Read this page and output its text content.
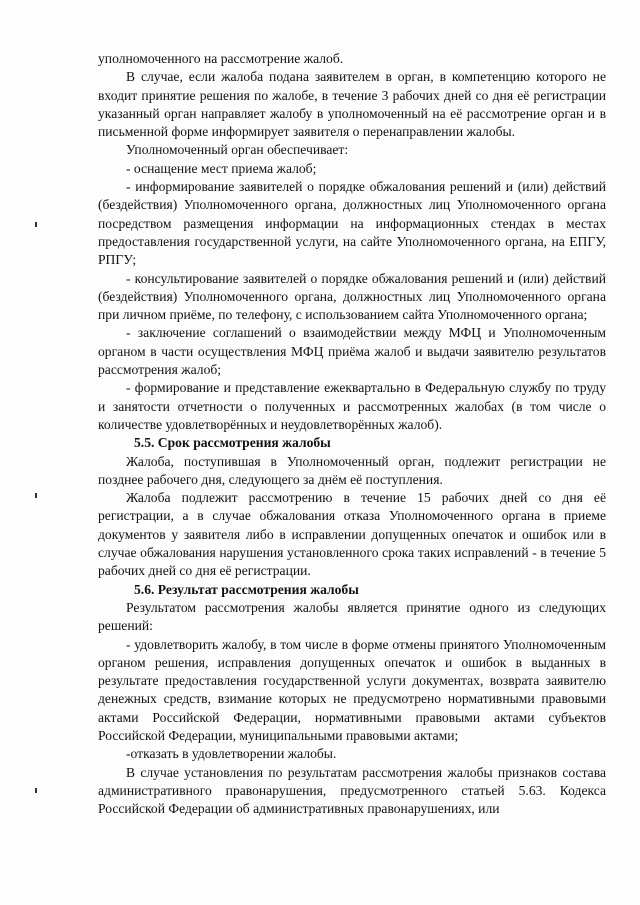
уполномоченного на рассмотрение жалоб.

В случае, если жалоба подана заявителем в орган, в компетенцию которого не входит принятие решения по жалобе, в течение 3 рабочих дней со дня её регистрации указанный орган направляет жалобу в уполномоченный на её рассмотрение орган и в письменной форме информирует заявителя о перенаправлении жалобы.

Уполномоченный орган обеспечивает:

- оснащение мест приема жалоб;

- информирование заявителей о порядке обжалования решений и (или) действий (бездействия) Уполномоченного органа, должностных лиц Уполномоченного органа посредством размещения информации на информационных стендах в местах предоставления государственной услуги, на сайте Уполномоченного органа, на ЕПГУ, РПГУ;

- консультирование заявителей о порядке обжалования решений и (или) действий (бездействия) Уполномоченного органа, должностных лиц Уполномоченного органа при личном приёме, по телефону, с использованием сайта Уполномоченного органа;

- заключение соглашений о взаимодействии между МФЦ и Уполномоченным органом в части осуществления МФЦ приёма жалоб и выдачи заявителю результатов рассмотрения жалоб;

- формирование и представление ежеквартально в Федеральную службу по труду и занятости отчетности о полученных и рассмотренных жалобах (в том числе о количестве удовлетворённых и неудовлетворённых жалоб).

5.5. Срок рассмотрения жалобы

Жалоба, поступившая в Уполномоченный орган, подлежит регистрации не позднее рабочего дня, следующего за днём её поступления.

Жалоба подлежит рассмотрению в течение 15 рабочих дней со дня её регистрации, а в случае обжалования отказа Уполномоченного органа в приеме документов у заявителя либо в исправлении допущенных опечаток и ошибок или в случае обжалования нарушения установленного срока таких исправлений - в течение 5 рабочих дней со дня её регистрации.

5.6. Результат рассмотрения жалобы

Результатом рассмотрения жалобы является принятие одного из следующих решений:

- удовлетворить жалобу, в том числе в форме отмены принятого Уполномоченным органом решения, исправления допущенных опечаток и ошибок в выданных в результате предоставления государственной услуги документах, возврата заявителю денежных средств, взимание которых не предусмотрено нормативными правовыми актами Российской Федерации, нормативными правовыми актами субъектов Российской Федерации, муниципальными правовыми актами;

-отказать в удовлетворении жалобы.

В случае установления по результатам рассмотрения жалобы признаков состава административного правонарушения, предусмотренного статьей 5.63. Кодекса Российской Федерации об административных правонарушениях, или
